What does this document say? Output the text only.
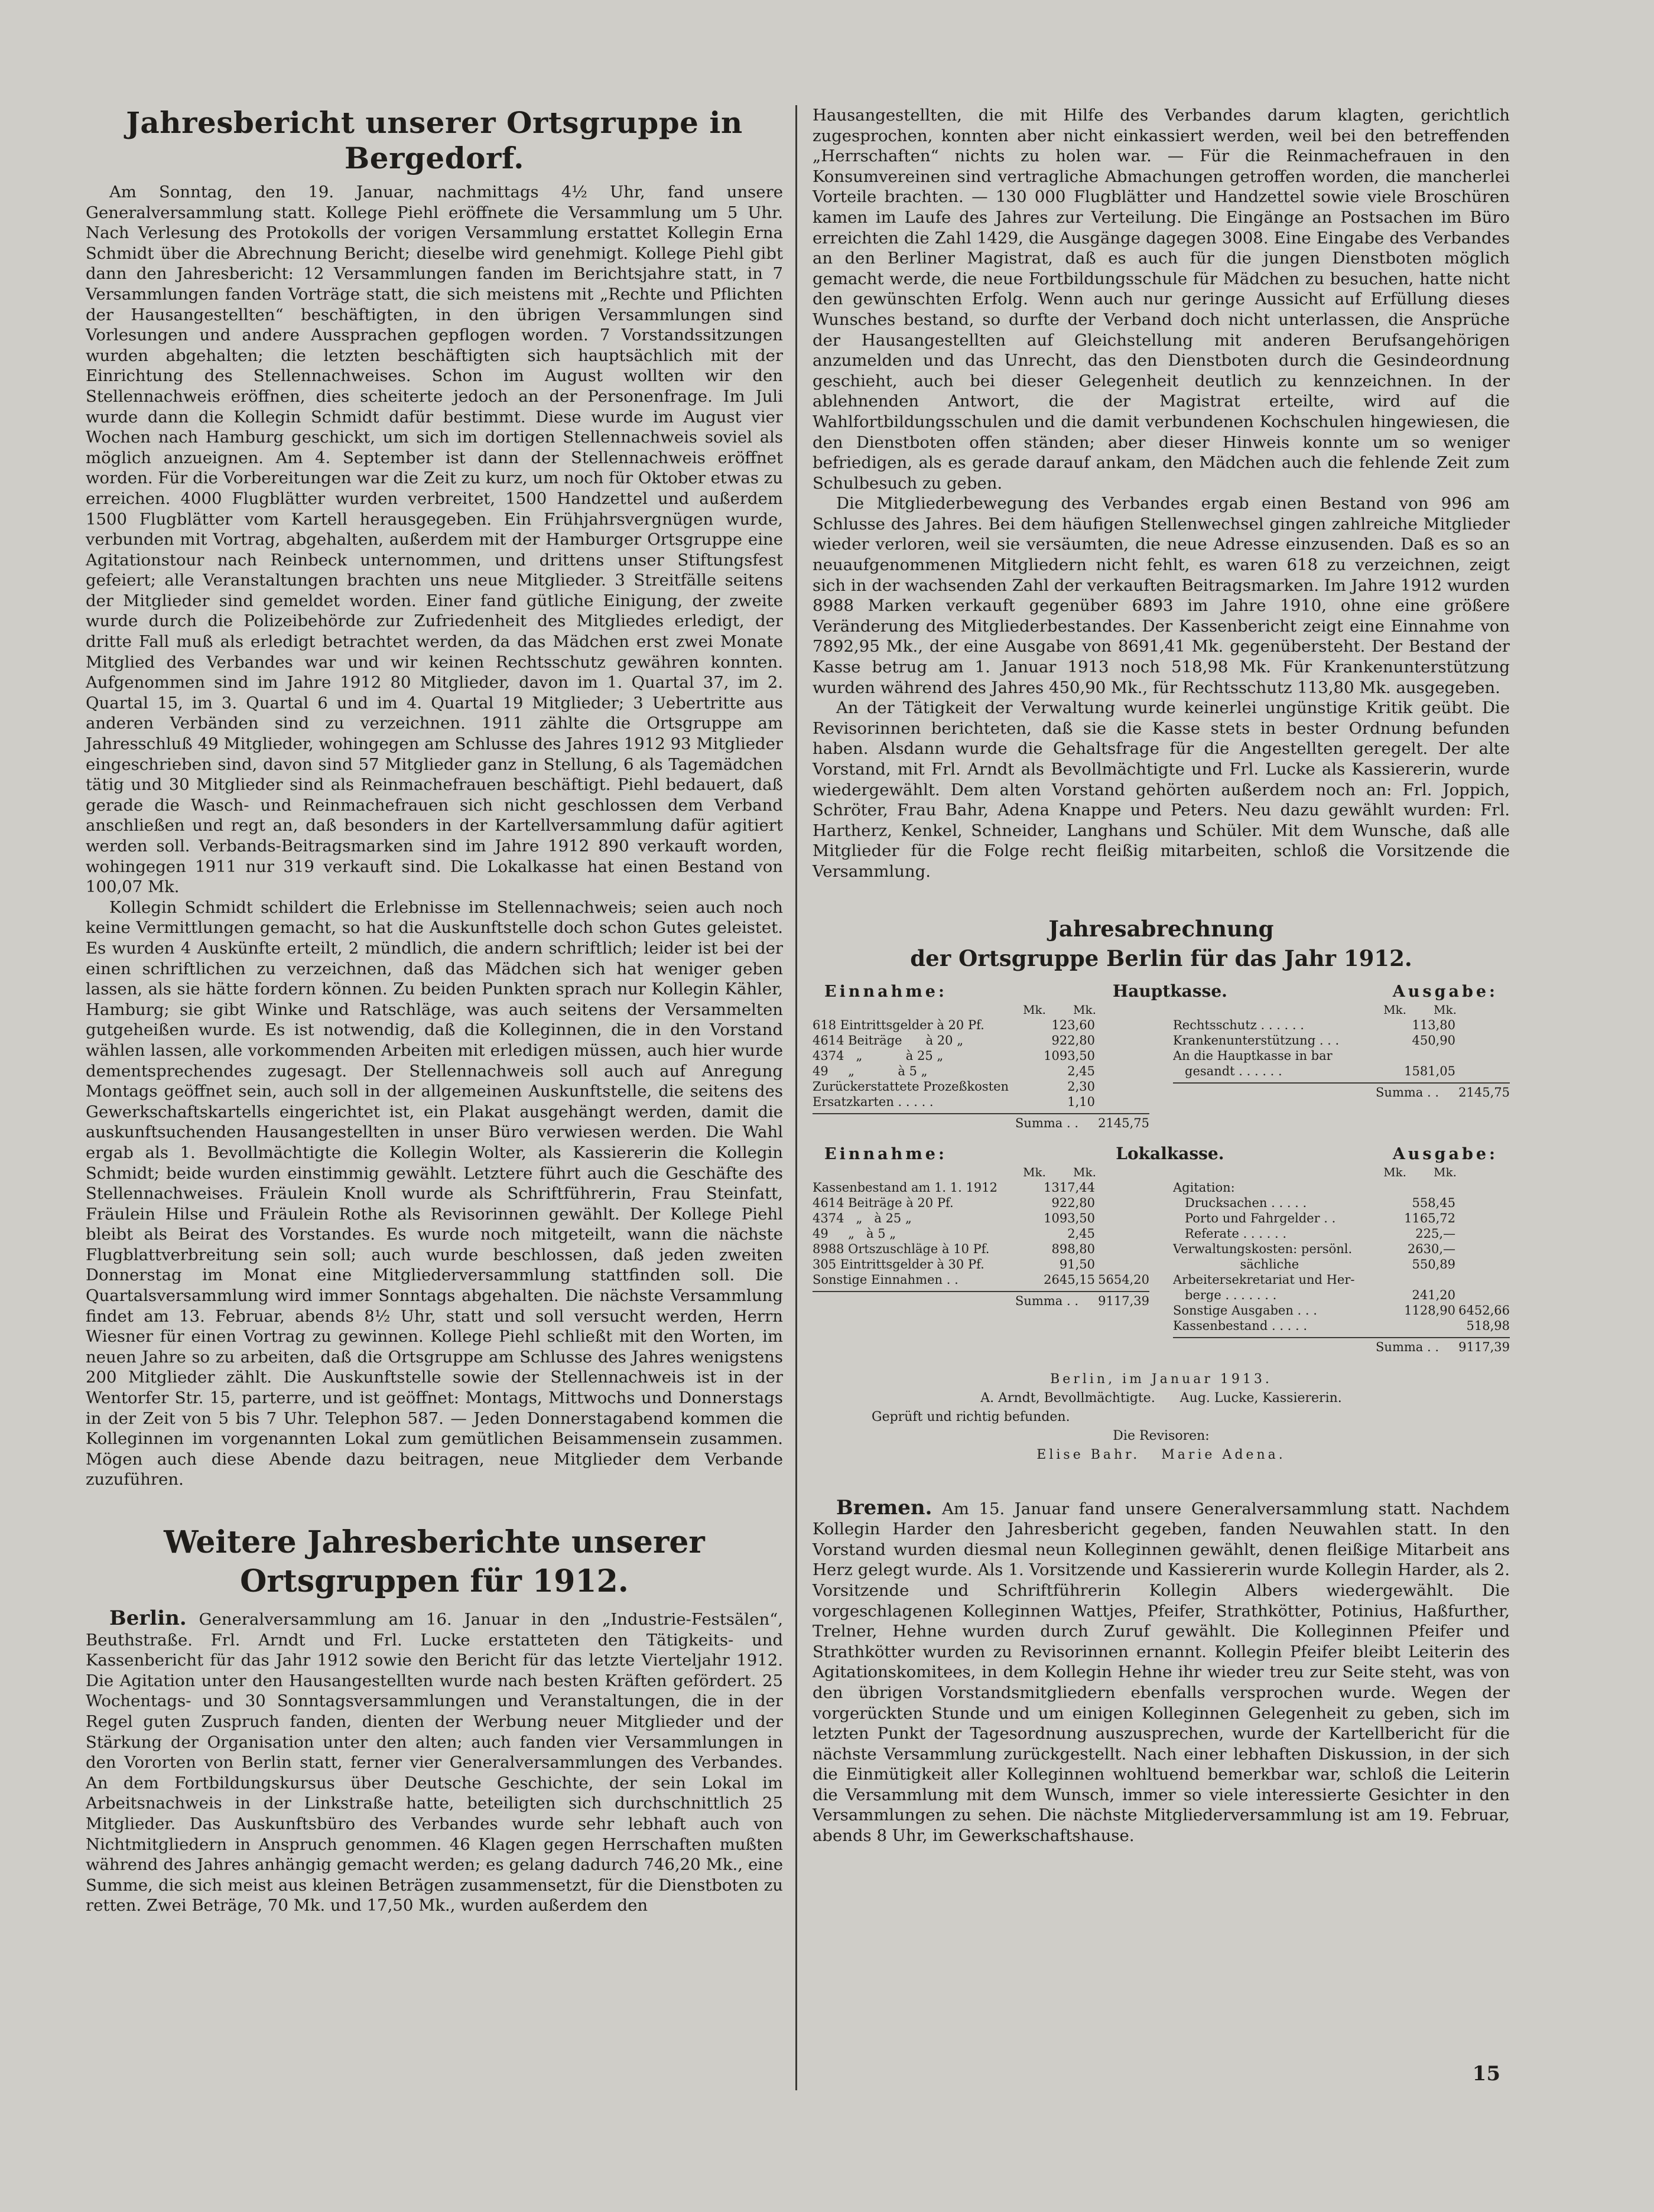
Jahresbericht unserer Ortsgruppe in Bergedorf.

Am Sonntag, den 19. Januar, nachmittags 4½ Uhr, fand unsere Generalversammlung statt. Kollege Piehl eröffnete die Versammlung um 5 Uhr. Nach Verlesung des Protokolls der vorigen Versammlung erstattet Kollegin Erna Schmidt über die Abrechnung Bericht; dieselbe wird genehmigt. Kollege Piehl gibt dann den Jahresbericht: 12 Versammlungen fanden im Berichtsjahre statt, in 7 Versammlungen fanden Vorträge statt, die sich meistens mit „Rechte und Pflichten der Hausangestellten“ beschäftigten, in den übrigen Versammlungen sind Vorlesungen und andere Aussprachen gepflogen worden. 7 Vorstandssitzungen wurden abgehalten; die letzten beschäftigten sich hauptsächlich mit der Einrichtung des Stellennachweises. Schon im August wollten wir den Stellennachweis eröffnen, dies scheiterte jedoch an der Personenfrage. Im Juli wurde dann die Kollegin Schmidt dafür bestimmt. Diese wurde im August vier Wochen nach Hamburg geschickt, um sich im dortigen Stellennachweis soviel als möglich anzueignen. Am 4. September ist dann der Stellennachweis eröffnet worden. Für die Vorbereitungen war die Zeit zu kurz, um noch für Oktober etwas zu erreichen. 4000 Flugblätter wurden verbreitet, 1500 Handzettel und außerdem 1500 Flugblätter vom Kartell herausgegeben. Ein Frühjahrsvergnügen wurde, verbunden mit Vortrag, abgehalten, außerdem mit der Hamburger Ortsgruppe eine Agitationstour nach Reinbeck unternommen, und drittens unser Stiftungsfest gefeiert; alle Veranstaltungen brachten uns neue Mitglieder. 3 Streitfälle seitens der Mitglieder sind gemeldet worden. Einer fand gütliche Einigung, der zweite wurde durch die Polizeibehörde zur Zufriedenheit des Mitgliedes erledigt, der dritte Fall muß als erledigt betrachtet werden, da das Mädchen erst zwei Monate Mitglied des Verbandes war und wir keinen Rechtsschutz gewähren konnten. Aufgenommen sind im Jahre 1912 80 Mitglieder, davon im 1. Quartal 37, im 2. Quartal 15, im 3. Quartal 6 und im 4. Quartal 19 Mitglieder; 3 Uebertritte aus anderen Verbänden sind zu verzeichnen. 1911 zählte die Ortsgruppe am Jahresschluß 49 Mitglieder, wohingegen am Schlusse des Jahres 1912 93 Mitglieder eingeschrieben sind, davon sind 57 Mitglieder ganz in Stellung, 6 als Tagemädchen tätig und 30 Mitglieder sind als Reinmachefrauen beschäftigt. Piehl bedauert, daß gerade die Wasch- und Reinmachefrauen sich nicht geschlossen dem Verband anschließen und regt an, daß besonders in der Kartellversammlung dafür agitiert werden soll. Verbands-Beitragsmarken sind im Jahre 1912 890 verkauft worden, wohingegen 1911 nur 319 verkauft sind. Die Lokalkasse hat einen Bestand von 100,07 Mk.

Kollegin Schmidt schildert die Erlebnisse im Stellennachweis; seien auch noch keine Vermittlungen gemacht, so hat die Auskunftstelle doch schon Gutes geleistet. Es wurden 4 Auskünfte erteilt, 2 mündlich, die andern schriftlich; leider ist bei der einen schriftlichen zu verzeichnen, daß das Mädchen sich hat weniger geben lassen, als sie hätte fordern können. Zu beiden Punkten sprach nur Kollegin Kähler, Hamburg; sie gibt Winke und Ratschläge, was auch seitens der Versammelten gutgeheißen wurde. Es ist notwendig, daß die Kolleginnen, die in den Vorstand wählen lassen, alle vorkommenden Arbeiten mit erledigen müssen, auch hier wurde dementsprechendes zugesagt. Der Stellennachweis soll auch auf Anregung Montags geöffnet sein, auch soll in der allgemeinen Auskunftstelle, die seitens des Gewerkschaftskartells eingerichtet ist, ein Plakat ausgehängt werden, damit die auskunftsuchenden Hausangestellten in unser Büro verwiesen werden. Die Wahl ergab als 1. Bevollmächtigte die Kollegin Wolter, als Kassiererin die Kollegin Schmidt; beide wurden einstimmig gewählt. Letztere führt auch die Geschäfte des Stellennachweises. Fräulein Knoll wurde als Schriftführerin, Frau Steinfatt, Fräulein Hilse und Fräulein Rothe als Revisorinnen gewählt. Der Kollege Piehl bleibt als Beirat des Vorstandes. Es wurde noch mitgeteilt, wann die nächste Flugblattverbreitung sein soll; auch wurde beschlossen, daß jeden zweiten Donnerstag im Monat eine Mitgliederversammlung stattfinden soll. Die Quartalsversammlung wird immer Sonntags abgehalten. Die nächste Versammlung findet am 13. Februar, abends 8½ Uhr, statt und soll versucht werden, Herrn Wiesner für einen Vortrag zu gewinnen. Kollege Piehl schließt mit den Worten, im neuen Jahre so zu arbeiten, daß die Ortsgruppe am Schlusse des Jahres wenigstens 200 Mitglieder zählt. Die Auskunftstelle sowie der Stellennachweis ist in der Wentorfer Str. 15, parterre, und ist geöffnet: Montags, Mittwochs und Donnerstags in der Zeit von 5 bis 7 Uhr. Telephon 587. — Jeden Donnerstagabend kommen die Kolleginnen im vorgenannten Lokal zum gemütlichen Beisammensein zusammen. Mögen auch diese Abende dazu beitragen, neue Mitglieder dem Verbande zuzuführen.

Weitere Jahresberichte unserer Ortsgruppen für 1912.

Berlin. Generalversammlung am 16. Januar in den „Industrie-Festsälen“, Beuthstraße. Frl. Arndt und Frl. Lucke erstatteten den Tätigkeits- und Kassenbericht für das Jahr 1912 sowie den Bericht für das letzte Vierteljahr 1912. Die Agitation unter den Hausangestellten wurde nach besten Kräften gefördert. 25 Wochentags- und 30 Sonntagsversammlungen und Veranstaltungen, die in der Regel guten Zuspruch fanden, dienten der Werbung neuer Mitglieder und der Stärkung der Organisation unter den alten; auch fanden vier Versammlungen in den Vororten von Berlin statt, ferner vier Generalversammlungen des Verbandes. An dem Fortbildungskursus über Deutsche Geschichte, der sein Lokal im Arbeitsnachweis in der Linkstraße hatte, beteiligten sich durchschnittlich 25 Mitglieder. Das Auskunftsbüro des Verbandes wurde sehr lebhaft auch von Nichtmitgliedern in Anspruch genommen. 46 Klagen gegen Herrschaften mußten während des Jahres anhängig gemacht werden; es gelang dadurch 746,20 Mk., eine Summe, die sich meist aus kleinen Beträgen zusammensetzt, für die Dienstboten zu retten. Zwei Beträge, 70 Mk. und 17,50 Mk., wurden außerdem den

Hausangestellten, die mit Hilfe des Verbandes darum klagten, gerichtlich zugesprochen, konnten aber nicht einkassiert werden, weil bei den betreffenden „Herrschaften“ nichts zu holen war. — Für die Reinmachefrauen in den Konsumvereinen sind vertragliche Abmachungen getroffen worden, die mancherlei Vorteile brachten. — 130 000 Flugblätter und Handzettel sowie viele Broschüren kamen im Laufe des Jahres zur Verteilung. Die Eingänge an Postsachen im Büro erreichten die Zahl 1429, die Ausgänge dagegen 3008. Eine Eingabe des Verbandes an den Berliner Magistrat, daß es auch für die jungen Dienstboten möglich gemacht werde, die neue Fortbildungsschule für Mädchen zu besuchen, hatte nicht den gewünschten Erfolg. Wenn auch nur geringe Aussicht auf Erfüllung dieses Wunsches bestand, so durfte der Verband doch nicht unterlassen, die Ansprüche der Hausangestellten auf Gleichstellung mit anderen Berufsangehörigen anzumelden und das Unrecht, das den Dienstboten durch die Gesindeordnung geschieht, auch bei dieser Gelegenheit deutlich zu kennzeichnen. In der ablehnenden Antwort, die der Magistrat erteilte, wird auf die Wahlfortbildungsschulen und die damit verbundenen Kochschulen hingewiesen, die den Dienstboten offen ständen; aber dieser Hinweis konnte um so weniger befriedigen, als es gerade darauf ankam, den Mädchen auch die fehlende Zeit zum Schulbesuch zu geben.

Die Mitgliederbewegung des Verbandes ergab einen Bestand von 996 am Schlusse des Jahres. Bei dem häufigen Stellenwechsel gingen zahlreiche Mitglieder wieder verloren, weil sie versäumten, die neue Adresse einzusenden. Daß es so an neuaufgenommenen Mitgliedern nicht fehlt, es waren 618 zu verzeichnen, zeigt sich in der wachsenden Zahl der verkauften Beitragsmarken. Im Jahre 1912 wurden 8988 Marken verkauft gegenüber 6893 im Jahre 1910, ohne eine größere Veränderung des Mitgliederbestandes. Der Kassenbericht zeigt eine Einnahme von 7892,95 Mk., der eine Ausgabe von 8691,41 Mk. gegenübersteht. Der Bestand der Kasse betrug am 1. Januar 1913 noch 518,98 Mk. Für Krankenunterstützung wurden während des Jahres 450,90 Mk., für Rechtsschutz 113,80 Mk. ausgegeben.

An der Tätigkeit der Verwaltung wurde keinerlei ungünstige Kritik geübt. Die Revisorinnen berichteten, daß sie die Kasse stets in bester Ordnung befunden haben. Alsdann wurde die Gehaltsfrage für die Angestellten geregelt. Der alte Vorstand, mit Frl. Arndt als Bevollmächtigte und Frl. Lucke als Kassiererin, wurde wiedergewählt. Dem alten Vorstand gehörten außerdem noch an: Frl. Joppich, Schröter, Frau Bahr, Adena Knappe und Peters. Neu dazu gewählt wurden: Frl. Hartherz, Kenkel, Schneider, Langhans und Schüler. Mit dem Wunsche, daß alle Mitglieder für die Folge recht fleißig mitarbeiten, schloß die Vorsitzende die Versammlung.

Jahresabrechnung
der Ortsgruppe Berlin für das Jahr 1912.
Einnahme:	Hauptkasse.	Ausgabe:
Mk. Mk.
618 Eintrittsgelder à 20 Pf.	123,60
4614 Beiträge      à 20 „	922,80
4374   „           à 25 „	1093,50
49     „           à 5 „	2,45
Zurückerstattete Prozeßkosten	2,30
Ersatzkarten . . . . .	1,10
Summa . .	2145,75
Mk. Mk.
Rechtsschutz . . . . . .	113,80
Krankenunterstützung . . .	450,90
An die Hauptkasse in bar
gesandt . . . . . .	1581,05
Summa . .	2145,75
Einnahme:	Lokalkasse.	Ausgabe:
Mk. Mk.
Kassenbestand am 1. 1. 1912	1317,44
4614 Beiträge à 20 Pf.	922,80
4374   „   à 25 „	1093,50
49     „   à 5 „	2,45
8988 Ortszuschläge à 10 Pf.	898,80
305 Eintrittsgelder à 30 Pf.	91,50
Sonstige Einnahmen . .	2645,15 5654,20
Summa . .	9117,39
Mk. Mk.
Agitation:
Drucksachen . . . . .	558,45
Porto und Fahrgelder . .	1165,72
Referate . . . . . .	225,—
Verwaltungskosten: persönl.	2630,—
sächliche	550,89
Arbeitersekretariat und Her-
berge . . . . . . .	241,20
Sonstige Ausgaben . . .	1128,90 6452,66
Kassenbestand . . . . .	518,98
Summa . .	9117,39
Berlin, im Januar 1913.
A. Arndt, Bevollmächtigte.      Aug. Lucke, Kassiererin.
Geprüft und richtig befunden.
Die Revisoren:
Elise Bahr.   Marie Adena.

Bremen. Am 15. Januar fand unsere Generalversammlung statt. Nachdem Kollegin Harder den Jahresbericht gegeben, fanden Neuwahlen statt. In den Vorstand wurden diesmal neun Kolleginnen gewählt, denen fleißige Mitarbeit ans Herz gelegt wurde. Als 1. Vorsitzende und Kassiererin wurde Kollegin Harder, als 2. Vorsitzende und Schriftführerin Kollegin Albers wiedergewählt. Die vorgeschlagenen Kolleginnen Wattjes, Pfeifer, Strathkötter, Potinius, Haßfurther, Trelner, Hehne wurden durch Zuruf gewählt. Die Kolleginnen Pfeifer und Strathkötter wurden zu Revisorinnen ernannt. Kollegin Pfeifer bleibt Leiterin des Agitationskomitees, in dem Kollegin Hehne ihr wieder treu zur Seite steht, was von den übrigen Vorstandsmitgliedern ebenfalls versprochen wurde. Wegen der vorgerückten Stunde und um einigen Kolleginnen Gelegenheit zu geben, sich im letzten Punkt der Tagesordnung auszusprechen, wurde der Kartellbericht für die nächste Versammlung zurückgestellt. Nach einer lebhaften Diskussion, in der sich die Einmütigkeit aller Kolleginnen wohltuend bemerkbar war, schloß die Leiterin die Versammlung mit dem Wunsch, immer so viele interessierte Gesichter in den Versammlungen zu sehen. Die nächste Mitgliederversammlung ist am 19. Februar, abends 8 Uhr, im Gewerkschaftshause.

15
